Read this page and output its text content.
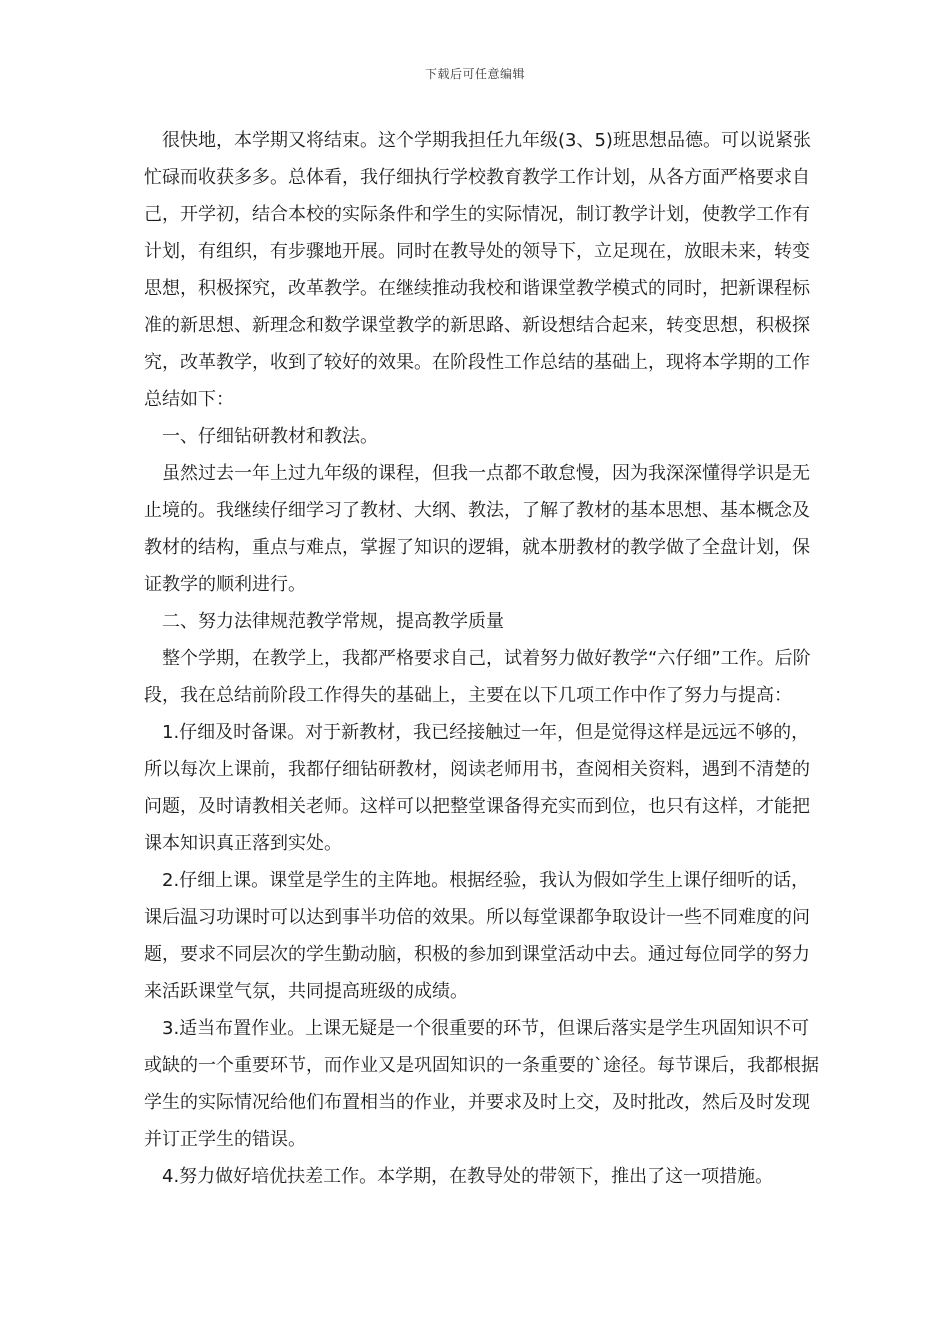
下载后可任意编辑

很快地，本学期又将结束。这个学期我担任九年级(3、5)班思想品德。可以说紧张忙碌而收获多多。总体看，我仔细执行学校教育教学工作计划，从各方面严格要求自己，开学初，结合本校的实际条件和学生的实际情况，制订教学计划，使教学工作有计划，有组织，有步骤地开展。同时在教导处的领导下，立足现在，放眼未来，转变思想，积极探究，改革教学。在继续推动我校和谐课堂教学模式的同时，把新课程标准的新思想、新理念和数学课堂教学的新思路、新设想结合起来，转变思想，积极探究，改革教学，收到了较好的效果。在阶段性工作总结的基础上，现将本学期的工作总结如下：

一、仔细钻研教材和教法。

虽然过去一年上过九年级的课程，但我一点都不敢怠慢，因为我深深懂得学识是无止境的。我继续仔细学习了教材、大纲、教法，了解了教材的基本思想、基本概念及教材的结构，重点与难点，掌握了知识的逻辑，就本册教材的教学做了全盘计划，保证教学的顺利进行。

二、努力法律规范教学常规，提高教学质量

整个学期，在教学上，我都严格要求自己，试着努力做好教学“六仔细”工作。后阶段，我在总结前阶段工作得失的基础上，主要在以下几项工作中作了努力与提高：

1.仔细及时备课。对于新教材，我已经接触过一年，但是觉得这样是远远不够的，所以每次上课前，我都仔细钻研教材，阅读老师用书，查阅相关资料，遇到不清楚的问题，及时请教相关老师。这样可以把整堂课备得充实而到位，也只有这样，才能把课本知识真正落到实处。

2.仔细上课。课堂是学生的主阵地。根据经验，我认为假如学生上课仔细听的话，课后温习功课时可以达到事半功倍的效果。所以每堂课都争取设计一些不同难度的问题，要求不同层次的学生勤动脑，积极的参加到课堂活动中去。通过每位同学的努力来活跃课堂气氛，共同提高班级的成绩。

3.适当布置作业。上课无疑是一个很重要的环节，但课后落实是学生巩固知识不可或缺的一个重要环节，而作业又是巩固知识的一条重要的`途径。每节课后，我都根据学生的实际情况给他们布置相当的作业，并要求及时上交，及时批改，然后及时发现并订正学生的错误。

4.努力做好培优扶差工作。本学期，在教导处的带领下，推出了这一项措施。
